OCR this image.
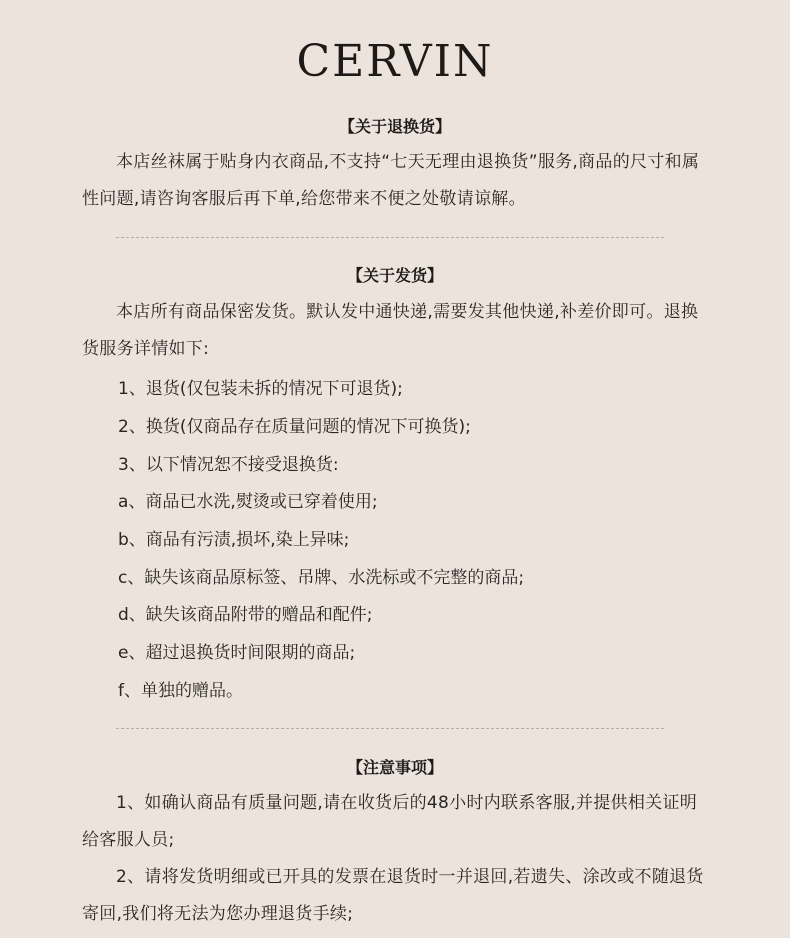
CERVIN
【关于退换货】
本店丝袜属于贴身内衣商品,不支持“七天无理由退换货”服务,商品的尺寸和属性问题,请咨询客服后再下单,给您带来不便之处敬请谅解。
【关于发货】
本店所有商品保密发货。默认发中通快递,需要发其他快递,补差价即可。退换货服务详情如下:
1、退货(仅包装未拆的情况下可退货);
2、换货(仅商品存在质量问题的情况下可换货);
3、以下情况恕不接受退换货:
a、商品已水洗,熨烫或已穿着使用;
b、商品有污渍,损坏,染上异味;
c、缺失该商品原标签、吊牌、水洗标或不完整的商品;
d、缺失该商品附带的赠品和配件;
e、超过退换货时间限期的商品;
f、单独的赠品。
【注意事项】
1、如确认商品有质量问题,请在收货后的48小时内联系客服,并提供相关证明给客服人员;
2、请将发货明细或已开具的发票在退货时一并退回,若遗失、涂改或不随退货寄回,我们将无法为您办理退货手续;
